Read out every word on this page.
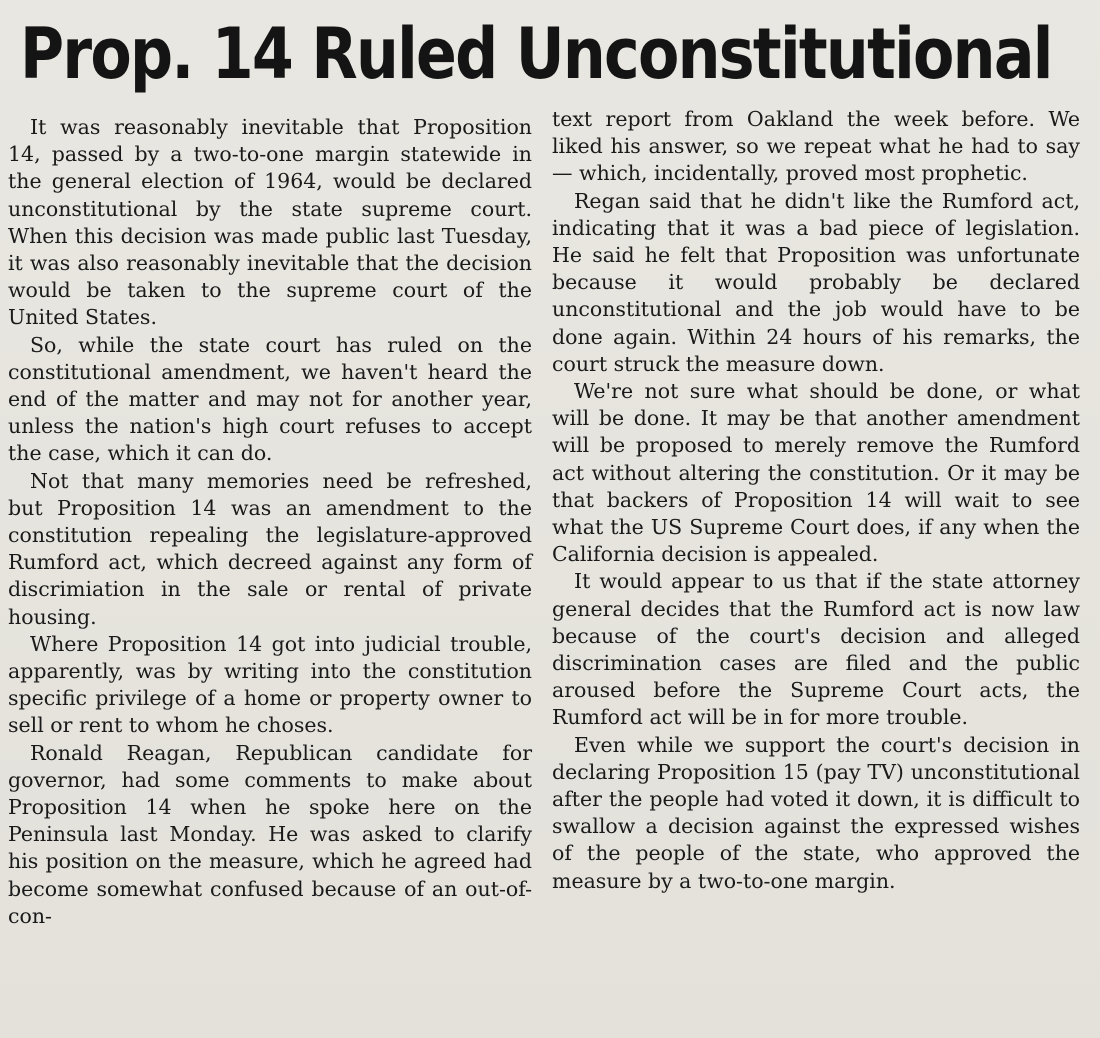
Prop. 14 Ruled Unconstitutional

It was reasonably inevitable that Proposition 14, passed by a two-to-one margin statewide in the general election of 1964, would be declared unconstitutional by the state supreme court. When this decision was made public last Tuesday, it was also reasonably inevitable that the decision would be taken to the supreme court of the United States.

So, while the state court has ruled on the constitutional amendment, we haven't heard the end of the matter and may not for another year, unless the nation's high court refuses to accept the case, which it can do.

Not that many memories need be refreshed, but Proposition 14 was an amendment to the constitution repealing the legislature-approved Rumford act, which decreed against any form of discrimiation in the sale or rental of private housing.

Where Proposition 14 got into judicial trouble, apparently, was by writing into the constitution specific privilege of a home or property owner to sell or rent to whom he choses.

Ronald Reagan, Republican candidate for governor, had some comments to make about Proposition 14 when he spoke here on the Peninsula last Monday. He was asked to clarify his position on the measure, which he agreed had become somewhat confused because of an out-of-con-

text report from Oakland the week before. We liked his answer, so we repeat what he had to say — which, incidentally, proved most prophetic.

Regan said that he didn't like the Rumford act, indicating that it was a bad piece of legislation. He said he felt that Proposition was unfortunate because it would probably be declared unconstitutional and the job would have to be done again. Within 24 hours of his remarks, the court struck the measure down.

We're not sure what should be done, or what will be done. It may be that another amendment will be proposed to merely remove the Rumford act without altering the constitution. Or it may be that backers of Proposition 14 will wait to see what the US Supreme Court does, if any when the California decision is appealed.

It would appear to us that if the state attorney general decides that the Rumford act is now law because of the court's decision and alleged discrimination cases are filed and the public aroused before the Supreme Court acts, the Rumford act will be in for more trouble.

Even while we support the court's decision in declaring Proposition 15 (pay TV) unconstitutional after the people had voted it down, it is difficult to swallow a decision against the expressed wishes of the people of the state, who approved the measure by a two-to-one margin.
